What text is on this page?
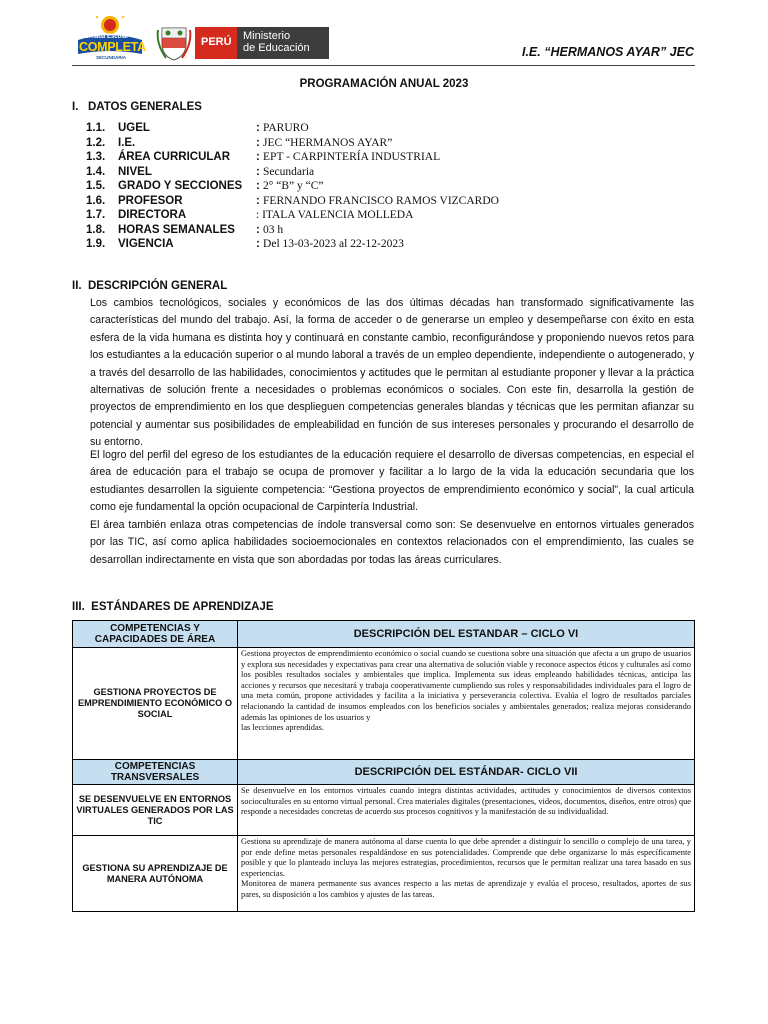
Jornada Escolar
COMPLETA
SECUNDARIA
PERÚ Ministerio
de Educación	I.E. “HERMANOS AYAR” JEC
PROGRAMACIÓN ANUAL 2023
I.   DATOS GENERALES
1.1. UGEL	: PARURO
1.2. I.E.	: JEC “HERMANOS AYAR”
1.3. ÁREA CURRICULAR : EPT - CARPINTERÍA INDUSTRIAL
1.4. NIVEL	: Secundaria
1.5. GRADO Y SECCIONES : 2° “B” y “C”
1.6. PROFESOR	: FERNANDO FRANCISCO RAMOS VIZCARDO
1.7. DIRECTORA	: ITALA VALENCIA MOLLEDA
1.8. HORAS SEMANALES : 03 h
1.9. VIGENCIA	: Del 13-03-2023 al 22-12-2023
II.  DESCRIPCIÓN GENERAL

Los cambios tecnológicos, sociales y económicos de las dos últimas décadas han transformado significativamente las características del mundo del trabajo. Así, la forma de acceder o de generarse un empleo y desempeñarse con éxito en esta esfera de la vida humana es distinta hoy y continuará en constante cambio, reconfigurándose y proponiendo nuevos retos para los estudiantes a la educación superior o al mundo laboral a través de un empleo dependiente, independiente o autogenerado, y a través del desarrollo de las habilidades, conocimientos y actitudes que le permitan al estudiante proponer y llevar a la práctica alternativas de solución frente a necesidades o problemas económicos o sociales. Con este fin, desarrolla la gestión de proyectos de emprendimiento en los que desplieguen competencias generales blandas y técnicas que les permitan afianzar su potencial y aumentar sus posibilidades de empleabilidad en función de sus intereses personales y procurando el desarrollo de su entorno.

El logro del perfil del egreso de los estudiantes de la educación requiere el desarrollo de diversas competencias, en especial el área de educación para el trabajo se ocupa de promover y facilitar a lo largo de la vida la educación secundaria que los estudiantes desarrollen la siguiente competencia: “Gestiona proyectos de emprendimiento económico y social”, la cual articula como eje fundamental la opción ocupacional de Carpintería Industrial.

El área también enlaza otras competencias de índole transversal como son: Se desenvuelve en entornos virtuales generados por las TIC, así como aplica habilidades socioemocionales en contextos relacionados con el emprendimiento, las cuales se desarrollan indirectamente en vista que son abordadas por todas las áreas curriculares.

III.  ESTÁNDARES DE APRENDIZAJE
COMPETENCIAS Y CAPACIDADES DE ÁREA	DESCRIPCIÓN DEL ESTANDAR – CICLO VI
GESTIONA PROYECTOS DE EMPRENDIMIENTO ECONÓMICO O SOCIAL	Gestiona proyectos de emprendimiento económico o social cuando se cuestiona sobre una situación que afecta a un grupo de usuarios y explora sus necesidades y expectativas para crear una alternativa de solución viable y reconoce aspectos éticos y culturales así como los posibles resultados sociales y ambientales que implica. Implementa sus ideas empleando habilidades técnicas, anticipa las acciones y recursos que necesitará y trabaja cooperativamente cumpliendo sus roles y responsabilidades individuales para el logro de una meta común, propone actividades y facilita a la iniciativa y perseverancia colectiva. Evalúa el logro de resultados parciales relacionando la cantidad de insumos empleados con los beneficios sociales y ambientales generados; realiza mejoras considerando además las opiniones de los usuarios y
las lecciones aprendidas.

COMPETENCIAS TRANSVERSALES	DESCRIPCIÓN DEL ESTÁNDAR- CICLO VII
SE DESENVUELVE EN ENTORNOS VIRTUALES GENERADOS POR LAS TIC	Se desenvuelve en los entornos virtuales cuando integra distintas actividades, actitudes y conocimientos de diversos contextos socioculturales en su entorno virtual personal. Crea materiales digitales (presentaciones, videos, documentos, diseños, entre otros) que responde a necesidades concretas de acuerdo sus procesos cognitivos y la manifestación de su individualidad.
GESTIONA SU APRENDIZAJE DE MANERA AUTÓNOMA	Gestiona su aprendizaje de manera autónoma al darse cuenta lo que debe aprender a distinguir lo sencillo o complejo de una tarea, y por ende define metas personales respaldándose en sus potencialidades. Comprende que debe organizarse lo más específicamente posible y que lo planteado incluya las mejores estrategias, procedimientos, recursos que le permitan realizar una tarea basado en sus experiencias.
Monitorea de manera permanente sus avances respecto a las metas de aprendizaje y evalúa el proceso, resultados, aportes de sus pares, su disposición a los cambios y ajustes de las tareas.
